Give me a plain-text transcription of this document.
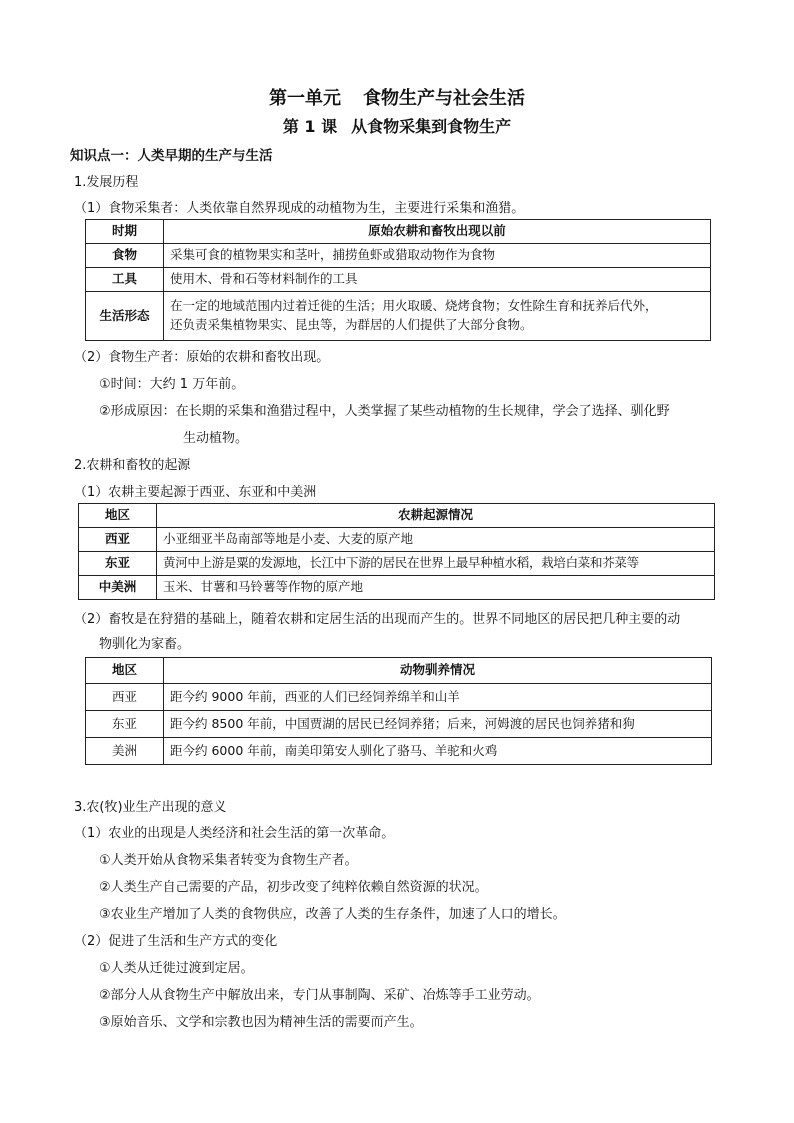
第一单元 食物生产与社会生活
第 1 课 从食物采集到食物生产
知识点一：人类早期的生产与生活
1.发展历程
（1）食物采集者：人类依靠自然界现成的动植物为生，主要进行采集和渔猎。
时期	原始农耕和畜牧出现以前
食物	采集可食的植物果实和茎叶，捕捞鱼虾或猎取动物作为食物
工具	使用木、骨和石等材料制作的工具
生活形态	在一定的地域范围内过着迁徙的生活；用火取暖、烧烤食物；女性除生育和抚养后代外，
还负责采集植物果实、昆虫等，为群居的人们提供了大部分食物。
（2）食物生产者：原始的农耕和畜牧出现。
①时间：大约 1 万年前。
②形成原因：在长期的采集和渔猎过程中，人类掌握了某些动植物的生长规律，学会了选择、驯化野
生动植物。
2.农耕和畜牧的起源
（1）农耕主要起源于西亚、东亚和中美洲
地区	农耕起源情况
西亚	小亚细亚半岛南部等地是小麦、大麦的原产地
东亚	黄河中上游是粟的发源地，长江中下游的居民在世界上最早种植水稻，栽培白菜和芥菜等
中美洲	玉米、甘薯和马铃薯等作物的原产地
（2）畜牧是在狩猎的基础上，随着农耕和定居生活的出现而产生的。世界不同地区的居民把几种主要的动
物驯化为家畜。
地区	动物驯养情况
西亚	距今约 9000 年前，西亚的人们已经饲养绵羊和山羊
东亚	距今约 8500 年前，中国贾湖的居民已经饲养猪；后来，河姆渡的居民也饲养猪和狗
美洲	距今约 6000 年前，南美印第安人驯化了骆马、羊驼和火鸡
3.农(牧)业生产出现的意义
（1）农业的出现是人类经济和社会生活的第一次革命。
①人类开始从食物采集者转变为食物生产者。
②人类生产自己需要的产品，初步改变了纯粹依赖自然资源的状况。
③农业生产增加了人类的食物供应，改善了人类的生存条件，加速了人口的增长。
（2）促进了生活和生产方式的变化
①人类从迁徙过渡到定居。
②部分人从食物生产中解放出来，专门从事制陶、采矿、冶炼等手工业劳动。
③原始音乐、文学和宗教也因为精神生活的需要而产生。
